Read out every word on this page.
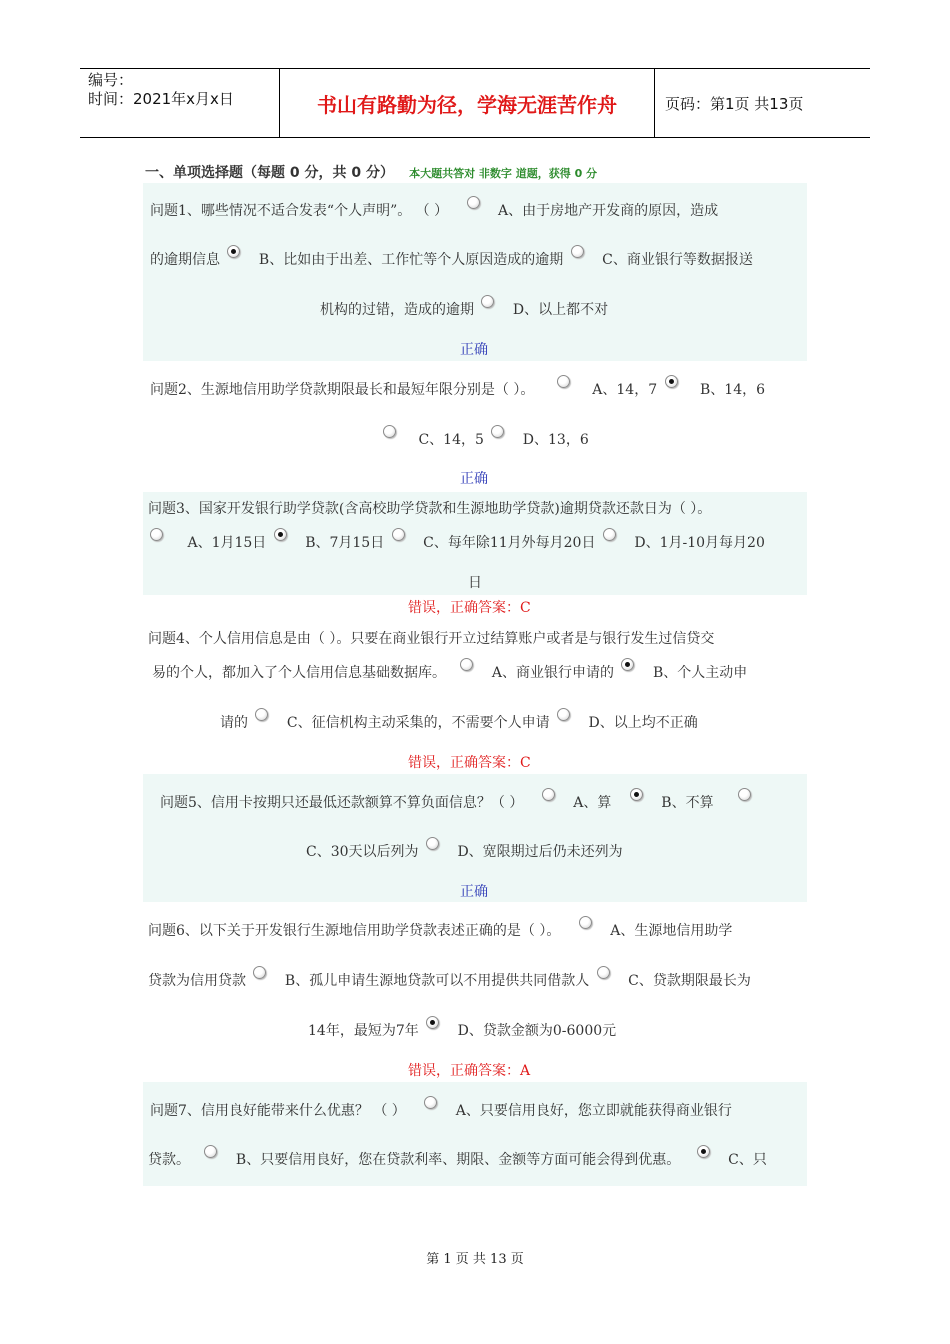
编号：
时间：2021年x月x日	书山有路勤为径，学海无涯苦作舟	页码：第1页 共13页
一、单项选择题（每题 0 分，共 0 分） 本大题共答对 非数字 道题，获得 0 分
问题1、哪些情况不适合发表“个人声明”。 （ ）	A、由于房地产开发商的原因，造成
的逾期信息	B、比如由于出差、工作忙等个人原因造成的逾期	C、商业银行等数据报送
机构的过错，造成的逾期	D、以上都不对
正确
问题2、生源地信用助学贷款期限最长和最短年限分别是（ ）。	A、14，7	B、14，6
C、14，5	D、13，6
正确
问题3、国家开发银行助学贷款(含高校助学贷款和生源地助学贷款)逾期贷款还款日为（ ）。
A、1月15日	B、7月15日	C、每年除11月外每月20日	D、1月-10月每月20
日
错误，正确答案：C
问题4、个人信用信息是由（ ）。只要在商业银行开立过结算账户或者是与银行发生过信贷交
易的个人，都加入了个人信用信息基础数据库。	A、商业银行申请的	B、个人主动申
请的	C、征信机构主动采集的，不需要个人申请	D、以上均不正确
错误，正确答案：C
问题5、信用卡按期只还最低还款额算不算负面信息？（ ）	A、算	B、不算
C、30天以后列为	D、宽限期过后仍未还列为
正确
问题6、以下关于开发银行生源地信用助学贷款表述正确的是（ ）。	A、生源地信用助学
贷款为信用贷款	B、孤儿申请生源地贷款可以不用提供共同借款人	C、贷款期限最长为
14年，最短为7年	D、贷款金额为0-6000元
错误，正确答案：A
问题7、信用良好能带来什么优惠？ （ ）	A、只要信用良好，您立即就能获得商业银行
贷款。	B、只要信用良好，您在贷款利率、期限、金额等方面可能会得到优惠。	C、只
第 1 页 共 13 页
